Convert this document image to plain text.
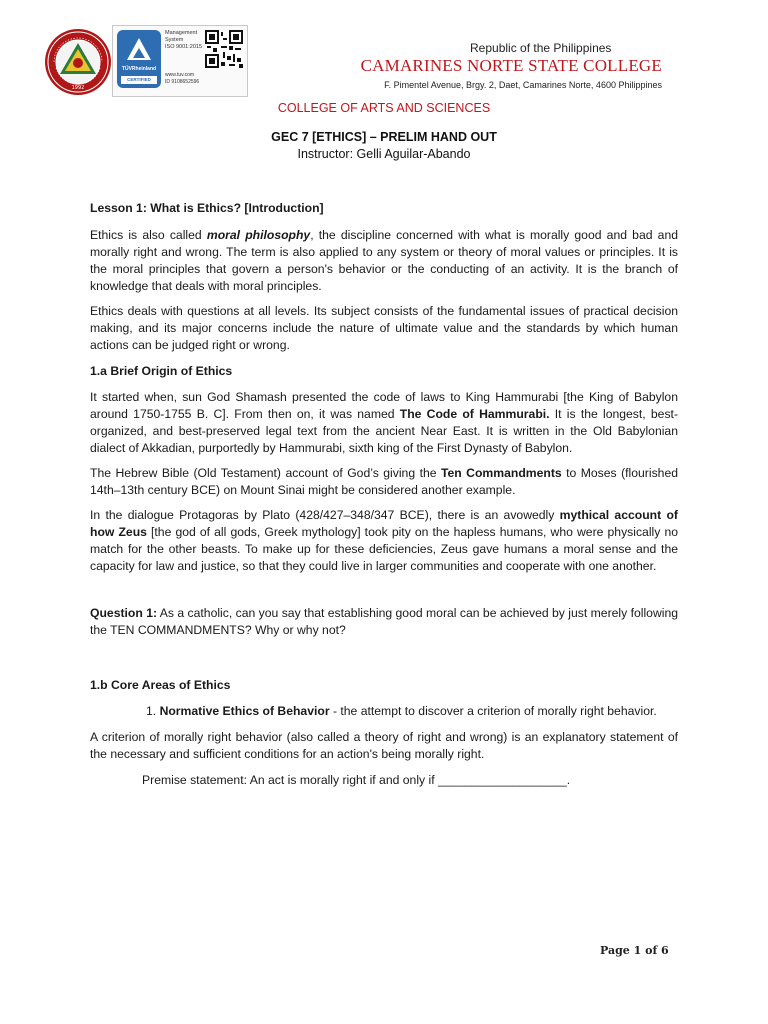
1992
TÜVRheinland
CERTIFIED
Management
System
ISO 9001:2015
www.tuv.com
ID 9108652596
Republic of the Philippines
CAMARINES NORTE STATE COLLEGE
F. Pimentel Avenue, Brgy. 2, Daet, Camarines Norte, 4600 Philippines
COLLEGE OF ARTS AND SCIENCES
GEC 7 [ETHICS] – PRELIM HAND OUT
Instructor: Gelli Aguilar-Abando

Lesson 1: What is Ethics? [Introduction]

Ethics is also called moral philosophy, the discipline concerned with what is morally good and bad and morally right and wrong. The term is also applied to any system or theory of moral values or principles. It is the moral principles that govern a person's behavior or the conducting of an activity. It is the branch of knowledge that deals with moral principles.

Ethics deals with questions at all levels. Its subject consists of the fundamental issues of practical decision making, and its major concerns include the nature of ultimate value and the standards by which human actions can be judged right or wrong.

1.a Brief Origin of Ethics

It started when, sun God Shamash presented the code of laws to King Hammurabi [the King of Babylon around 1750-1755 B. C]. From then on, it was named The Code of Hammurabi. It is the longest, best-organized, and best-preserved legal text from the ancient Near East. It is written in the Old Babylonian dialect of Akkadian, purportedly by Hammurabi, sixth king of the First Dynasty of Babylon.

The Hebrew Bible (Old Testament) account of God’s giving the Ten Commandments to Moses (flourished 14th–13th century BCE) on Mount Sinai might be considered another example.

In the dialogue Protagoras by Plato (428/427–348/347 BCE), there is an avowedly mythical account of how Zeus [the god of all gods, Greek mythology] took pity on the hapless humans, who were physically no match for the other beasts. To make up for these deficiencies, Zeus gave humans a moral sense and the capacity for law and justice, so that they could live in larger communities and cooperate with one another.

Question 1: As a catholic, can you say that establishing good moral can be achieved by just merely following the TEN COMMANDMENTS? Why or why not?

1.b Core Areas of Ethics

1. Normative Ethics of Behavior - the attempt to discover a criterion of morally right behavior.

A criterion of morally right behavior (also called a theory of right and wrong) is an explanatory statement of the necessary and sufficient conditions for an action's being morally right.

Premise statement: An act is morally right if and only if ___________________.

Page 1 of 6
